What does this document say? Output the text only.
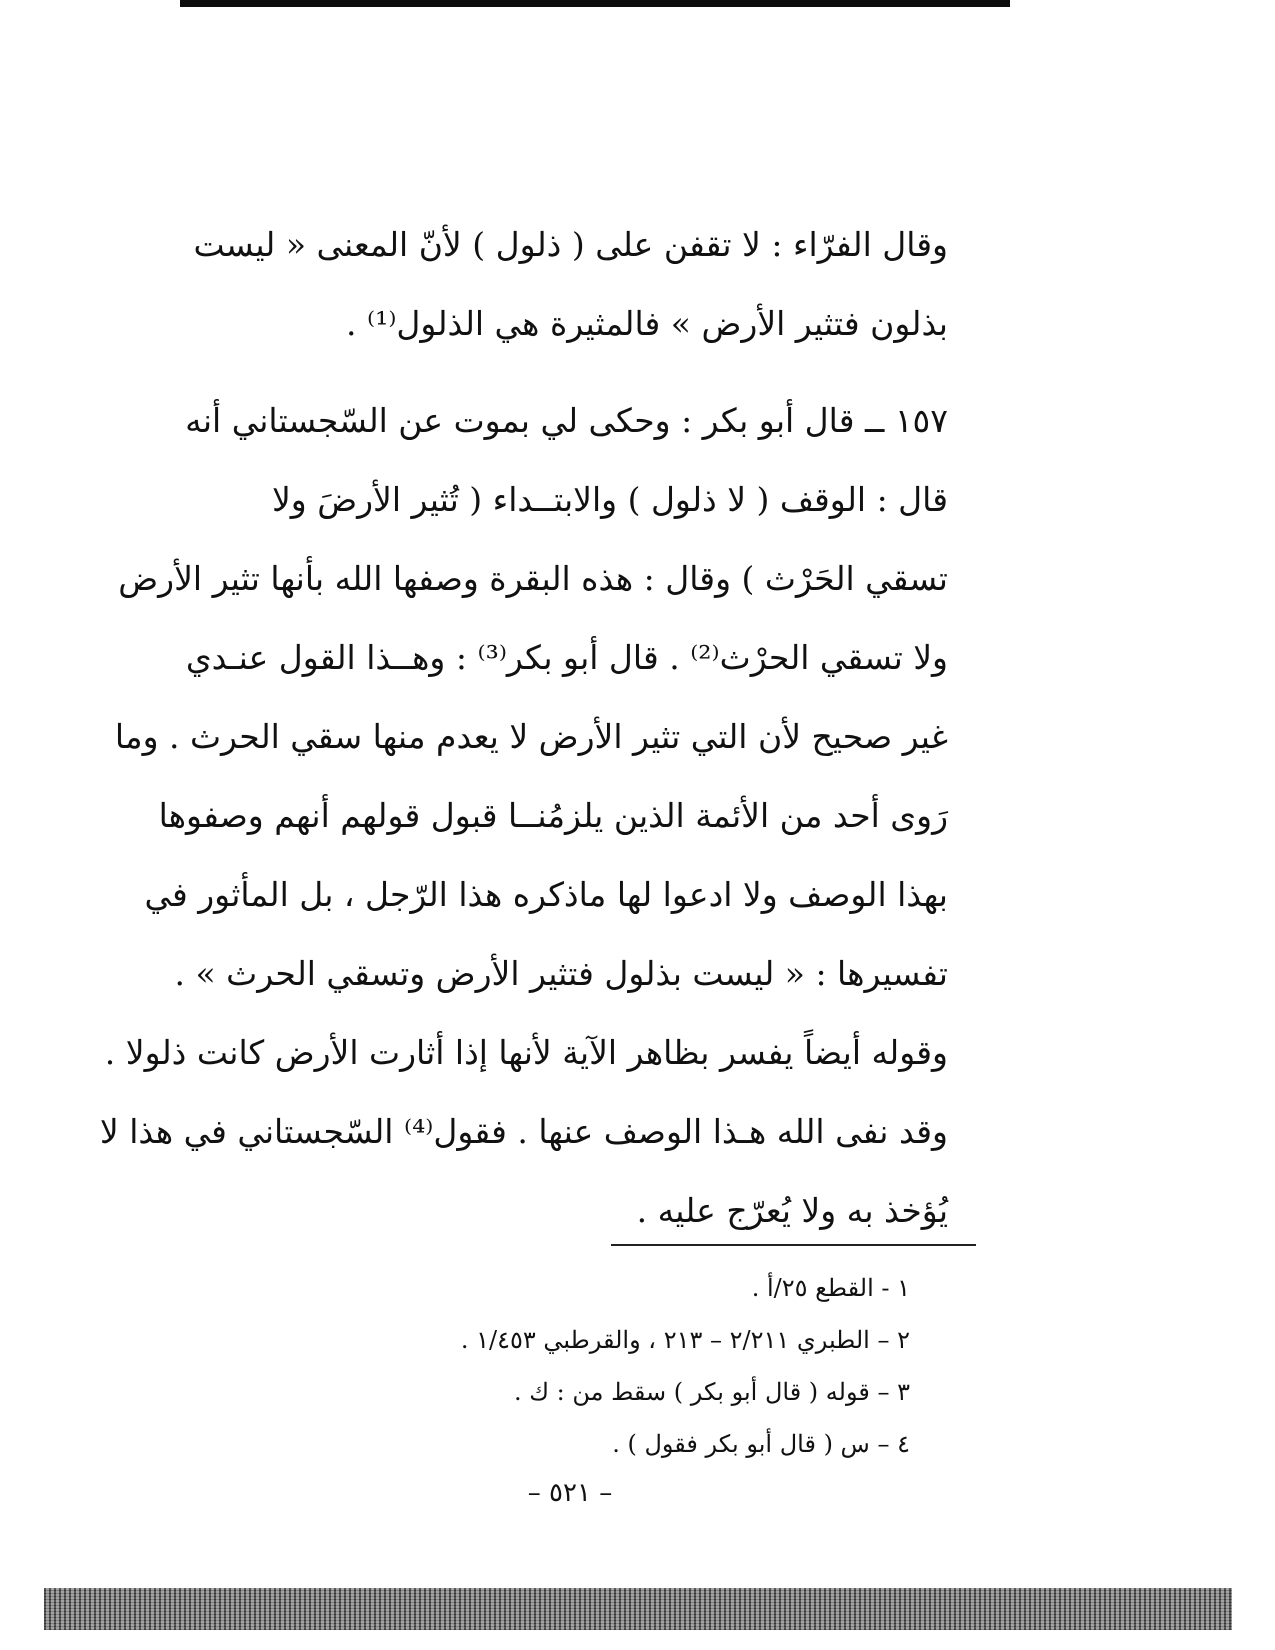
وقال الفرّاء : لا تقفن على ( ذلول ) لأنّ المعنى « ليست
بذلون فتثير الأرض » فالمثيرة هي الذلول⁽¹⁾ .
١٥٧ ــ قال أبو بكر : وحكى لي بموت عن السّجستاني أنه
قال : الوقف ( لا ذلول ) والابتــداء ( تُثير الأرضَ ولا
تسقي الحَرْث ) وقال : هذه البقرة وصفها الله بأنها تثير الأرض
ولا تسقي الحرْث⁽²⁾ . قال أبو بكر⁽³⁾ : وهــذا القول عنـدي
غير صحيح لأن التي تثير الأرض لا يعدم منها سقي الحرث . وما
رَوى أحد من الأئمة الذين يلزمُنــا قبول قولهم أنهم وصفوها
بهذا الوصف ولا ادعوا لها ماذكره هذا الرّجل ، بل المأثور في
تفسيرها : « ليست بذلول فتثير الأرض وتسقي الحرث » .
وقوله أيضاً يفسر بظاهر الآية لأنها إذا أثارت الأرض كانت ذلولا .
وقد نفى الله هـذا الوصف عنها . فقول⁽⁴⁾ السّجستاني في هذا لا
يُؤخذ به ولا يُعرّج عليه .
١ - القطع ٢٥/أ .
٢ – الطبري ٢/٢١١ – ٢١٣ ، والقرطبي ١/٤٥٣ .
٣ – قوله ( قال أبو بكر ) سقط من : ك .
٤ – س ( قال أبو بكر فقول ) .
– ٥٢١ –
